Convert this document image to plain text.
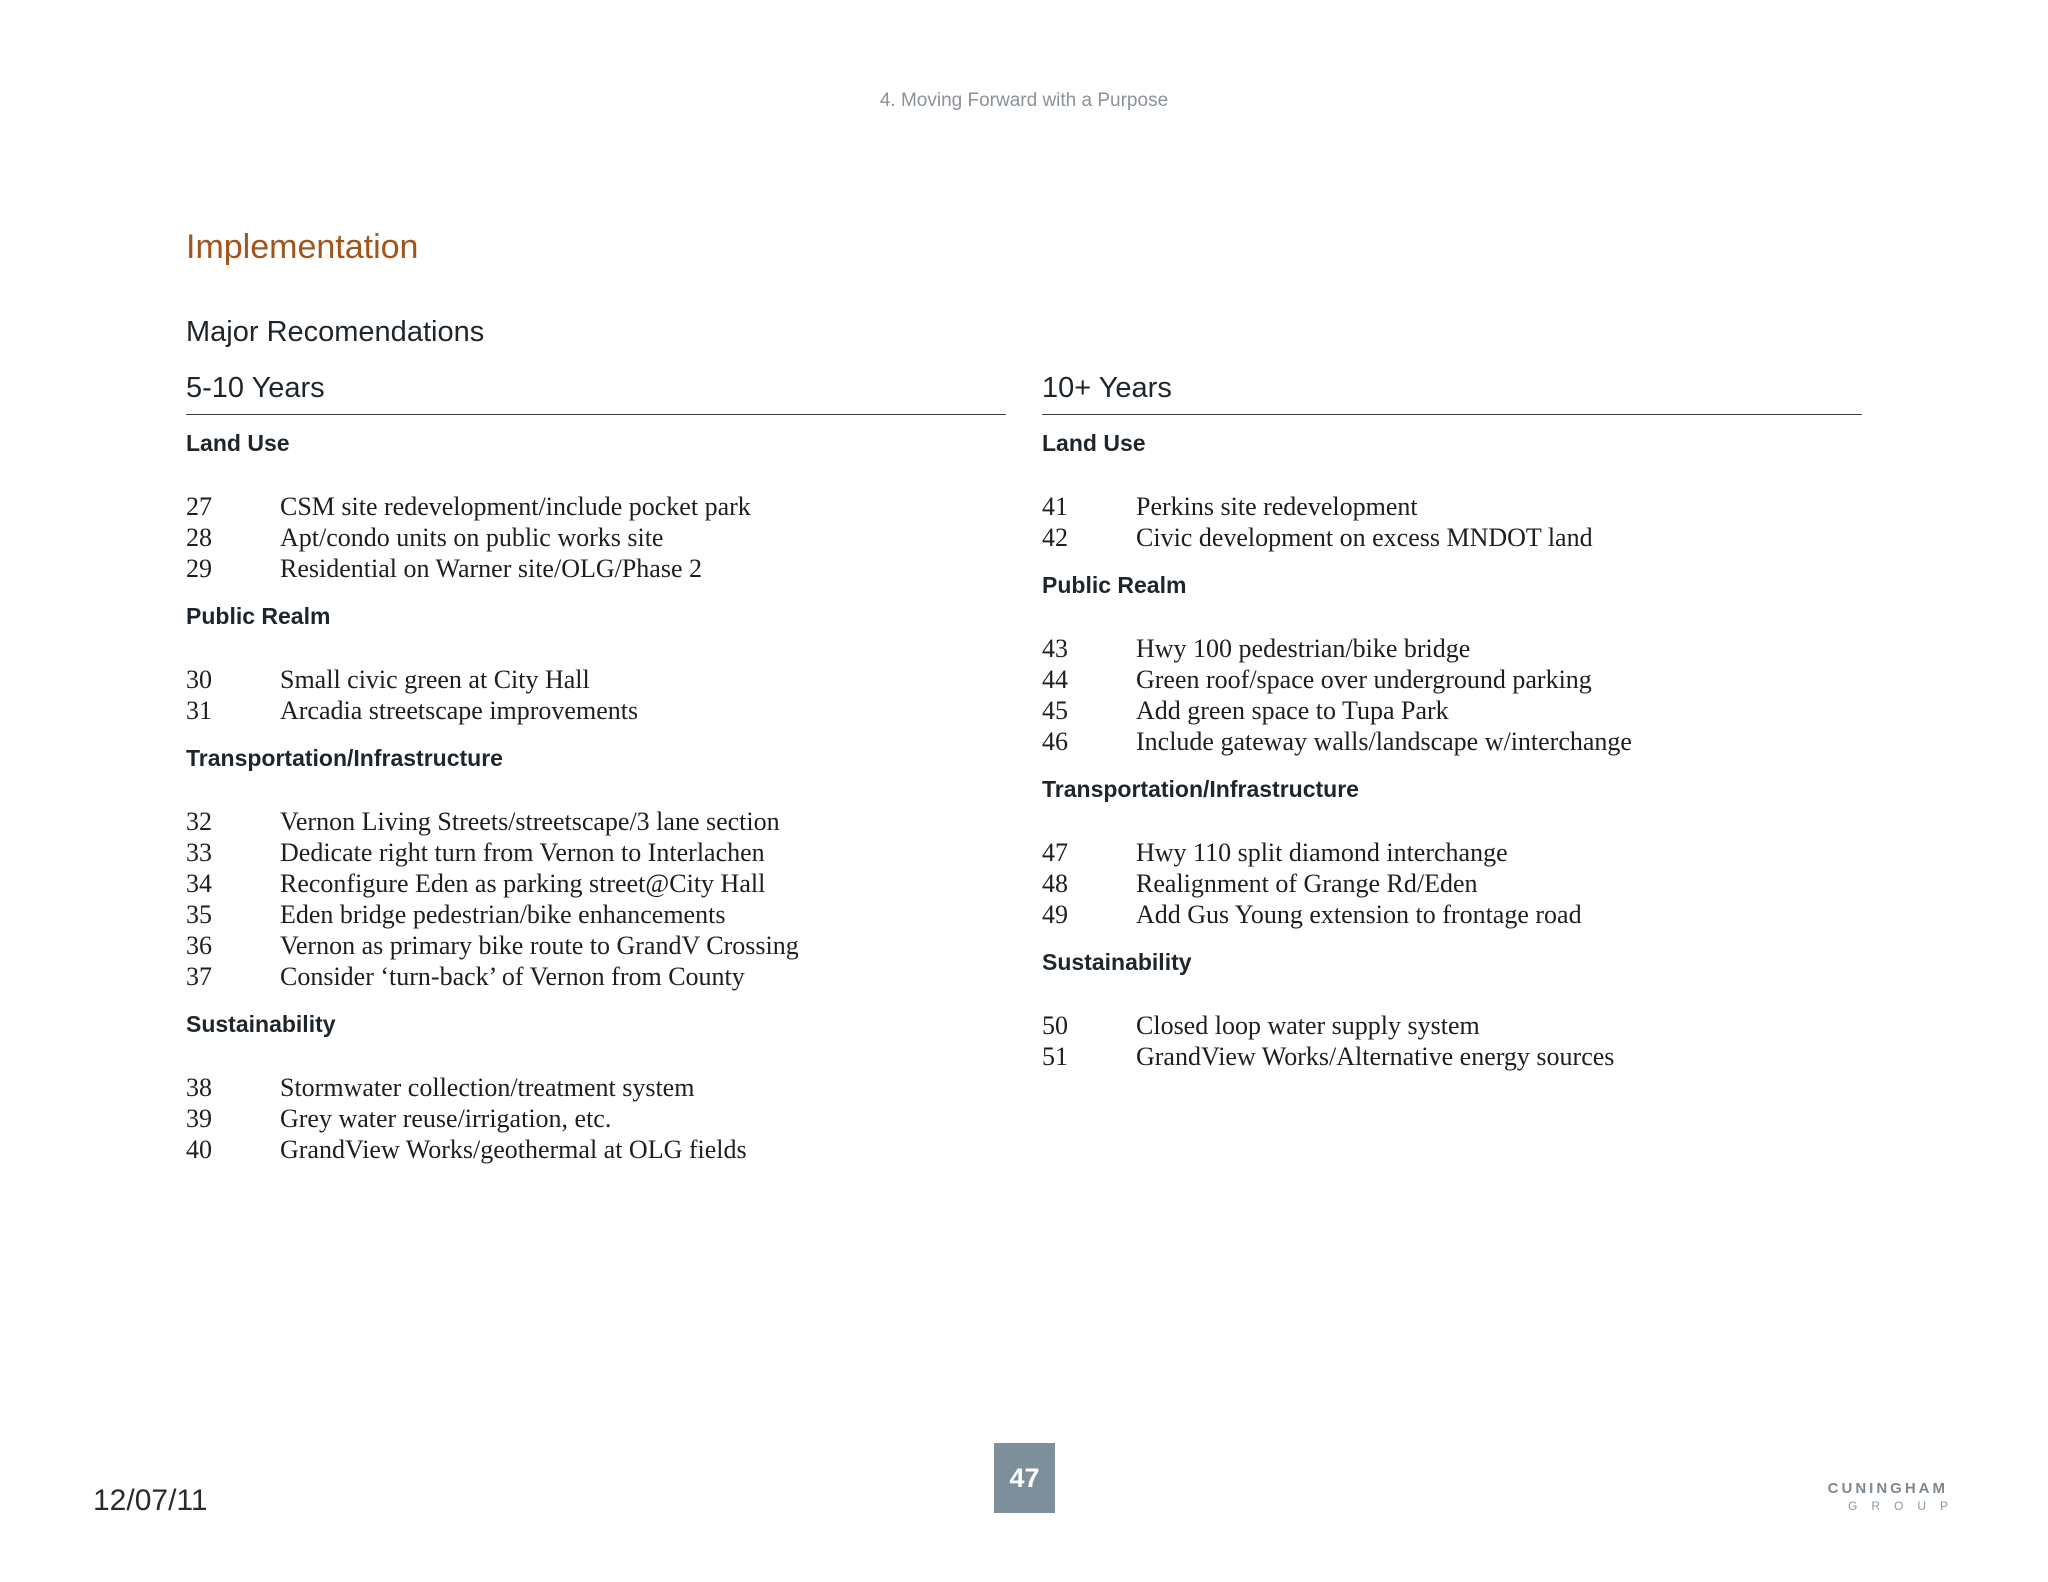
4. Moving Forward with a Purpose
Implementation
Major Recomendations
5-10 Years
Land Use
27	CSM site redevelopment/include pocket park
28	Apt/condo units on public works site
29	Residential on Warner site/OLG/Phase 2
Public Realm
30	Small civic green at City Hall
31	Arcadia streetscape improvements
Transportation/Infrastructure
32	Vernon Living Streets/streetscape/3 lane section
33	Dedicate right turn from Vernon to Interlachen
34	Reconfigure Eden as parking street@City Hall
35	Eden bridge pedestrian/bike enhancements
36	Vernon as primary bike route to GrandV Crossing
37	Consider ‘turn-back’ of Vernon from County
Sustainability
38	Stormwater collection/treatment system
39	Grey water reuse/irrigation, etc.
40	GrandView Works/geothermal at OLG fields
10+ Years
Land Use
41	Perkins site redevelopment
42	Civic development on excess MNDOT land
Public Realm
43	Hwy 100 pedestrian/bike bridge
44	Green roof/space over underground parking
45	Add green space to Tupa Park
46	Include gateway walls/landscape w/interchange
Transportation/Infrastructure
47	Hwy 110 split diamond interchange
48	Realignment of Grange Rd/Eden
49	Add Gus Young extension to frontage road
Sustainability
50	Closed loop water supply system
51	GrandView Works/Alternative energy sources
47
12/07/11	CUNINGHAM
GROUP
